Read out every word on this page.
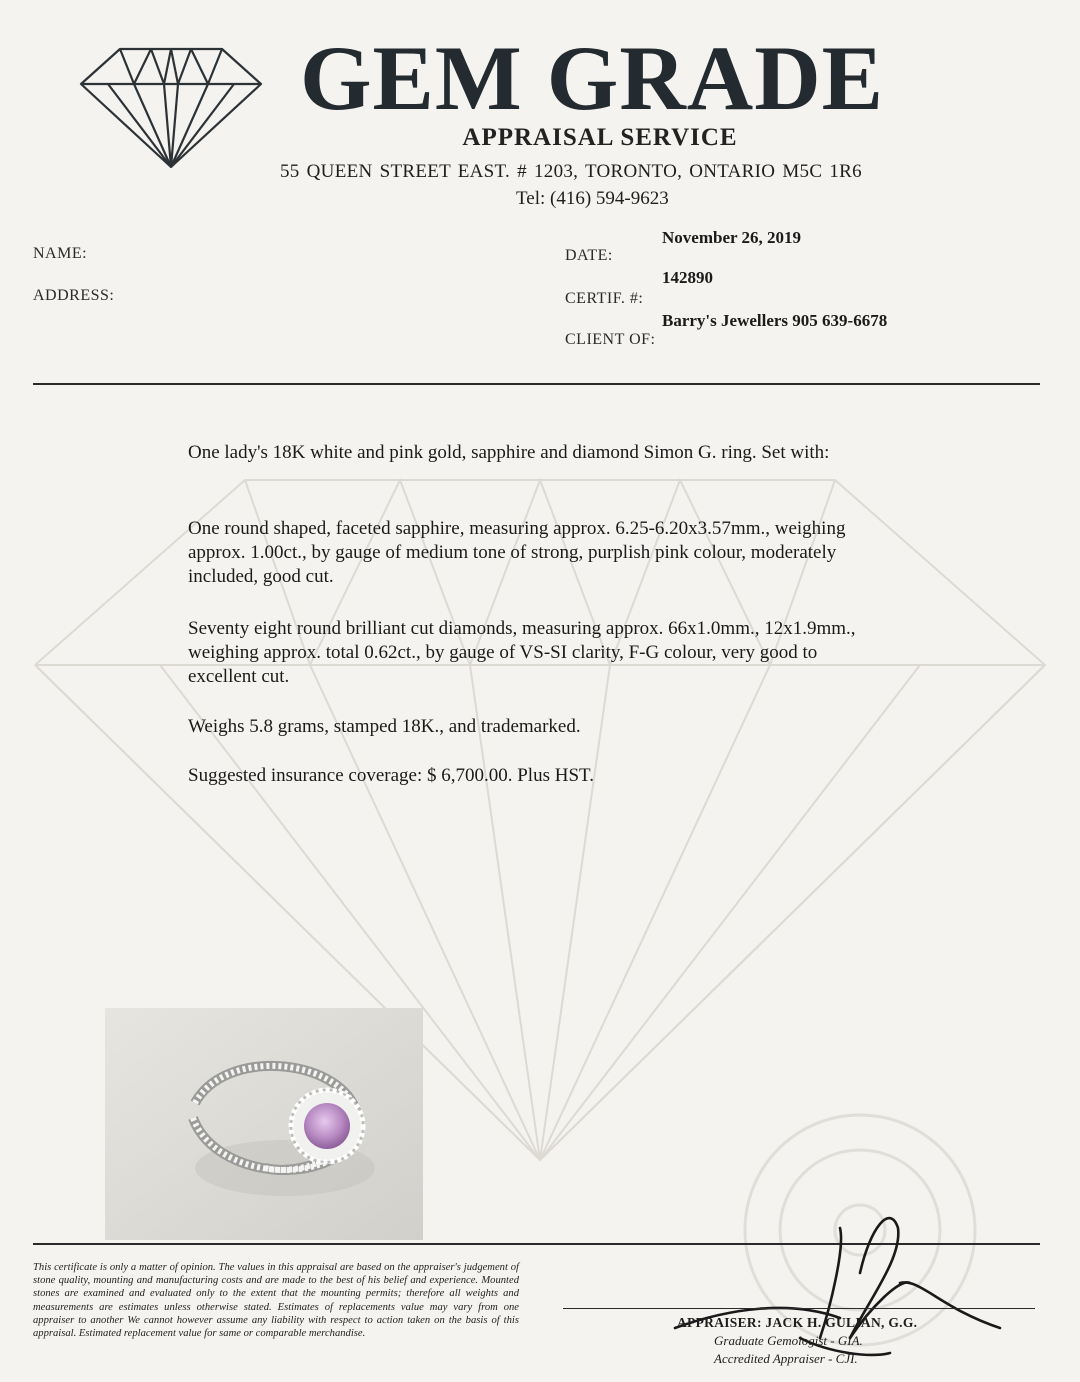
GEM GRADE
APPRAISAL SERVICE
55 QUEEN STREET EAST. # 1203, TORONTO, ONTARIO M5C 1R6
Tel: (416) 594-9623
NAME:
ADDRESS:
DATE:
November 26, 2019
CERTIF. #:
142890
CLIENT OF:
Barry's Jewellers 905 639-6678

One lady's 18K white and pink gold, sapphire and diamond Simon G. ring. Set with:

One round shaped, faceted sapphire, measuring approx. 6.25-6.20x3.57mm., weighing approx. 1.00ct., by gauge of medium tone of strong, purplish pink colour, moderately included, good cut.

Seventy eight round brilliant cut diamonds, measuring approx. 66x1.0mm., 12x1.9mm., weighing approx. total 0.62ct., by gauge of VS-SI clarity, F-G colour, very good to excellent cut.

Weighs 5.8 grams, stamped 18K., and trademarked.

Suggested insurance coverage: $ 6,700.00. Plus HST.

This certificate is only a matter of opinion. The values in this appraisal are based on the appraiser's judgement of stone quality, mounting and manufacturing costs and are made to the best of his belief and experience. Mounted stones are examined and evaluated only to the extent that the mounting permits; therefore all weights and measurements are estimates unless otherwise stated. Estimates of replacements value may vary from one appraiser to another We cannot however assume any liability with respect to action taken on the basis of this appraisal. Estimated replacement value for same or comparable merchandise.
APPRAISER: JACK H. GULIAN, G.G.
Graduate Gemologist - GIA.
Accredited Appraiser - CJI.
